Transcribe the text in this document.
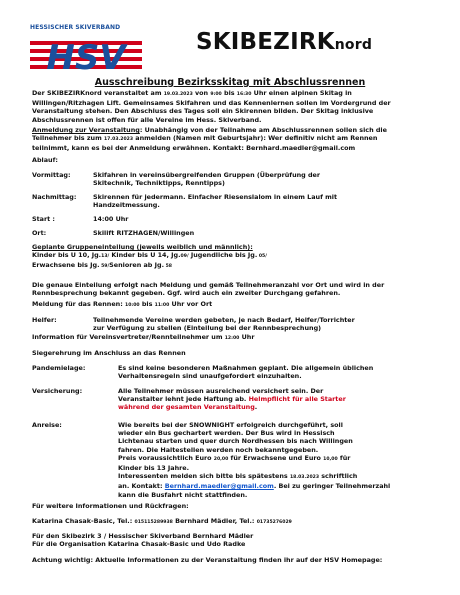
HESSISCHER SKIVERBAND
HSV	SKIBEZIRKnord
Ausschreibung Bezirksskitag mit Abschlussrennen
Der SKIBEZIRKnord veranstaltet am 19.03.2023 von 9:00 bis 16:30 Uhr einen alpinen Skitag in
Willingen/Ritzhagen Lift. Gemeinsames Skifahren und das Kennenlernen sollen im Vordergrund der
Veranstaltung stehen. Den Abschluss des Tages soll ein Skirennen bilden. Der Skitag inklusive
Abschlussrennen ist offen für alle Vereine im Hess. Skiverband.
Anmeldung zur Veranstaltung: Unabhängig von der Teilnahme am Abschlussrennen sollen sich die
Teilnehmer bis zum 17.03.2023 anmelden (Namen mit Geburtsjahr): Wer definitiv nicht am Rennen
teilnimmt, kann es bei der Anmeldung erwähnen. Kontakt: Bernhard.maedler@gmail.com
Ablauf:
Vormittag:	Skifahren in vereinsübergreifenden Gruppen (Überprüfung der
Skitechnik, Techniktipps, Renntipps)
Nachmittag:	Skirennen für jedermann. Einfacher Riesenslalom in einem Lauf mit
Handzeitmessung.
Start :	14:00 Uhr
Ort:	Skilift RITZHAGEN/Willingen
Geplante Gruppeneinteilung (jeweils weiblich und männlich):
Kinder bis U 10, Jg.13/ Kinder bis U 14, Jg.09/ Jugendliche bis Jg. 05/
Erwachsene bis Jg. 59/Senioren ab Jg. 58
Die genaue Einteilung erfolgt nach Meldung und gemäß Teilnehmeranzahl vor Ort und wird in der
Rennbesprechung bekannt gegeben. Ggf. wird auch ein zweiter Durchgang gefahren.
Meldung für das Rennen: 10:00 bis 11:00 Uhr vor Ort
Helfer:	Teilnehmende Vereine werden gebeten, je nach Bedarf, Helfer/Torrichter
zur Verfügung zu stellen (Einteilung bei der Rennbesprechung)
Information für Vereinsvertreter/Rennteilnehmer um 12:00 Uhr
Siegerehrung im Anschluss an das Rennen
Pandemielage:	Es sind keine besonderen Maßnahmen geplant. Die allgemein üblichen
Verhaltensregeln sind unaufgefordert einzuhalten.
Versicherung:	Alle Teilnehmer müssen ausreichend versichert sein. Der
Veranstalter lehnt jede Haftung ab. Helmpflicht für alle Starter
während der gesamten Veranstaltung.
Anreise:	Wie bereits bei der SNOWNIGHT erfolgreich durchgeführt, soll
wieder ein Bus gechartert werden. Der Bus wird in Hessisch
Lichtenau starten und quer durch Nordhessen bis nach Willingen
fahren. Die Haltestellen werden noch bekanntgegeben.
Preis voraussichtlich Euro 20,00 für Erwachsene und Euro 10,00 für
Kinder bis 13 Jahre.
Interessenten melden sich bitte bis spätestens 18.03.2023 schriftlich
an. Kontakt: Bernhard.maedler@gmail.com. Bei zu geringer Teilnehmerzahl
kann die Busfahrt nicht stattfinden.
Für weitere Informationen und Rückfragen:
Katarina Chasak-Basic, Tel.: 015115289938 Bernhard Mädler, Tel.: 01735276029
Für den Skibezirk 3 / Hessischer Skiverband Bernhard Mädler
Für die Organisation Katarina Chasak-Basic und Udo Radke
Achtung wichtig: Aktuelle Informationen zu der Veranstaltung finden ihr auf der HSV Homepage:
